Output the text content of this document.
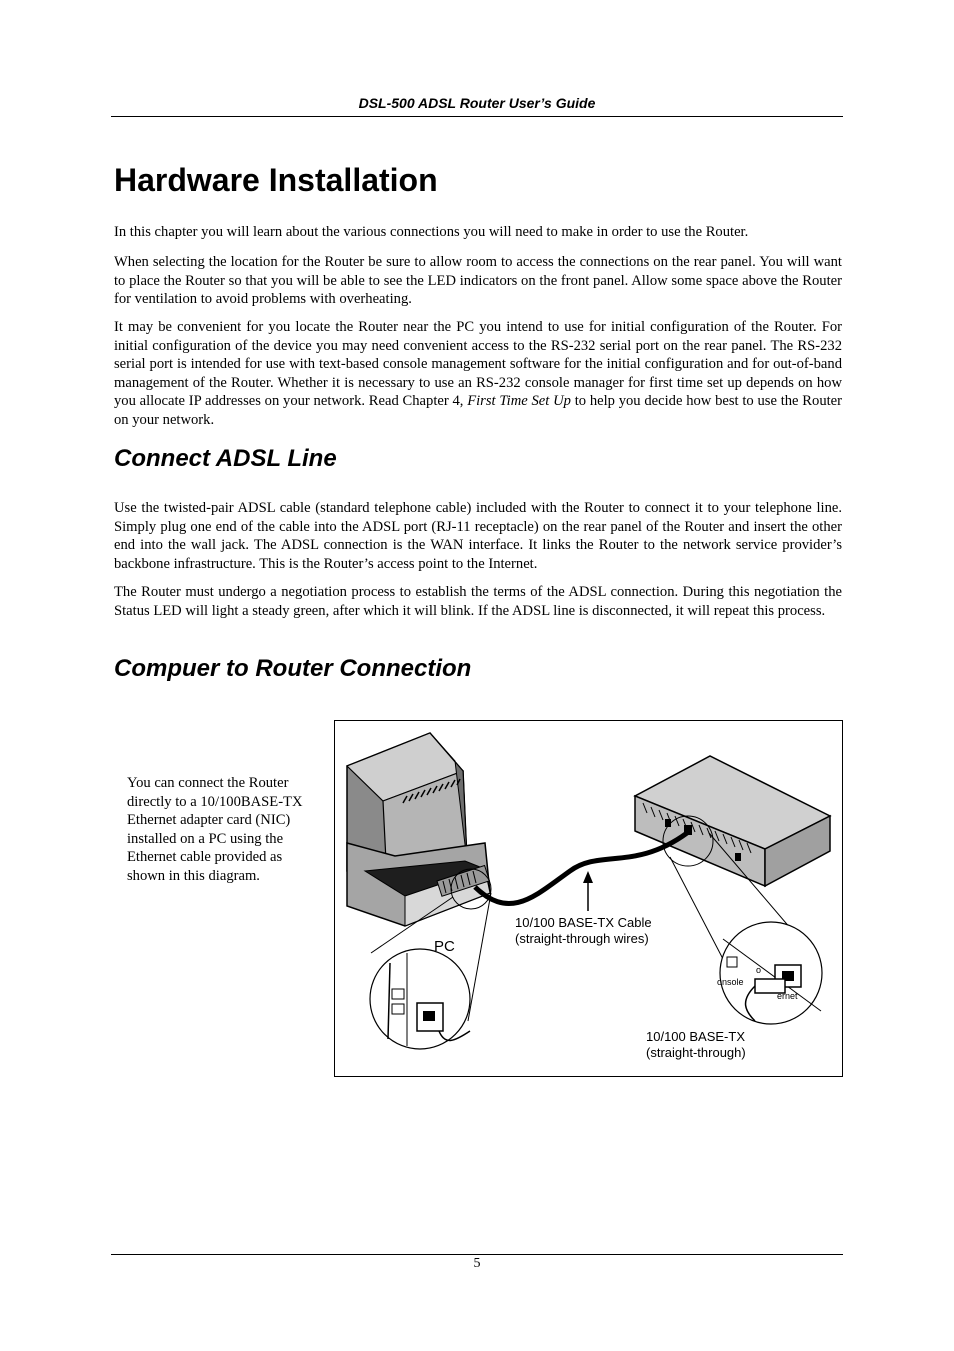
DSL-500 ADSL Router User’s Guide
Hardware Installation

In this chapter you will learn about the various connections you will need to make in order to use the Router.

When selecting the location for the Router be sure to allow room to access the connections on the rear panel. You will want to place the Router so that you will be able to see the LED indicators on the front panel. Allow some space above the Router for ventilation to avoid problems with overheating.

It may be convenient for you locate the Router near the PC you intend to use for initial configuration of the Router. For initial configuration of the device you may need convenient access to the RS-232 serial port on the rear panel. The RS-232 serial port is intended for use with text-based console management software for the initial configuration and for out-of-band management of the Router. Whether it is necessary to use an RS-232 console manager for first time set up depends on how you allocate IP addresses on your network. Read Chapter 4, First Time Set Up to help you decide how best to use the Router on your network.

Connect ADSL Line

Use the twisted-pair ADSL cable (standard telephone cable) included with the Router to connect it to your telephone line. Simply plug one end of the cable into the ADSL port (RJ-11 receptacle) on the rear panel of the Router and insert the other end into the wall jack. The ADSL connection is the WAN interface. It links the Router to the network service provider’s backbone infrastructure. This is the Router’s access point to the Internet.

The Router must undergo a negotiation process to establish the terms of the ADSL connection. During this negotiation the Status LED will light a steady green, after which it will blink. If the ADSL line is disconnected, it will repeat this process.

Compuer to Router Connection

You can connect the Router directly to a 10/100BASE-TX Ethernet adapter card (NIC) installed on a PC using the Ethernet cable provided as shown in this diagram.

o
onsole
ernet
PC
10/100 BASE-TX Cable
(straight-through wires)
10/100 BASE-TX
(straight-through)
5
